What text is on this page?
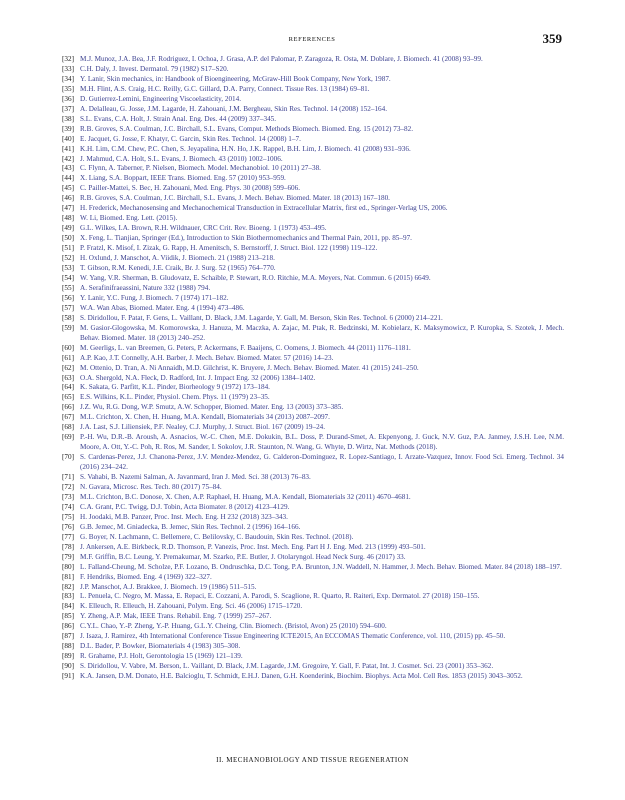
REFERENCES	359
[32] M.J. Munoz, J.A. Bea, J.F. Rodriguez, I. Ochoa, J. Grasa, A.P. del Palomar, P. Zaragoza, R. Osta, M. Doblare, J. Biomech. 41 (2008) 93–99.
[33] C.H. Daly, J. Invest. Dermatol. 79 (1982) S17–S20.
[34] Y. Lanir, Skin mechanics, in: Handbook of Bioengineering, McGraw-Hill Book Company, New York, 1987.
[35] M.H. Flint, A.S. Craig, H.C. Reilly, G.C. Gillard, D.A. Parry, Connect. Tissue Res. 13 (1984) 69–81.
[36] D. Gutierrez-Lemini, Engineering Viscoelasticity, 2014.
[37] A. Delalleau, G. Josse, J.M. Lagarde, H. Zahouani, J.M. Bergheau, Skin Res. Technol. 14 (2008) 152–164.
[38] S.L. Evans, C.A. Holt, J. Strain Anal. Eng. Des. 44 (2009) 337–345.
[39] R.B. Groves, S.A. Coulman, J.C. Birchall, S.L. Evans, Comput. Methods Biomech. Biomed. Eng. 15 (2012) 73–82.
[40] E. Jacquet, G. Josse, F. Khatyr, C. Garcin, Skin Res. Technol. 14 (2008) 1–7.
[41] K.H. Lim, C.M. Chew, P.C. Chen, S. Jeyapalina, H.N. Ho, J.K. Rappel, B.H. Lim, J. Biomech. 41 (2008) 931–936.
[42] J. Mahmud, C.A. Holt, S.L. Evans, J. Biomech. 43 (2010) 1002–1006.
[43] C. Flynn, A. Taberner, P. Nielsen, Biomech. Model. Mechanobiol. 10 (2011) 27–38.
[44] X. Liang, S.A. Boppart, IEEE Trans. Biomed. Eng. 57 (2010) 953–959.
[45] C. Pailler-Mattei, S. Bec, H. Zahouani, Med. Eng. Phys. 30 (2008) 599–606.
[46] R.B. Groves, S.A. Coulman, J.C. Birchall, S.L. Evans, J. Mech. Behav. Biomed. Mater. 18 (2013) 167–180.
[47] H. Frederick, Mechanosensing and Mechanochemical Transduction in Extracellular Matrix, first ed., Springer-Verlag US, 2006.
[48] W. Li, Biomed. Eng. Lett. (2015).
[49] G.L. Wilkes, I.A. Brown, R.H. Wildnauer, CRC Crit. Rev. Bioeng. 1 (1973) 453–495.
[50] X. Feng, L. Tianjian, Springer (Ed.), Introduction to Skin Biothermomechanics and Thermal Pain, 2011, pp. 85–97.
[51] P. Fratzl, K. Misof, I. Zizak, G. Rapp, H. Amenitsch, S. Bernstorff, J. Struct. Biol. 122 (1998) 119–122.
[52] H. Oxlund, J. Manschot, A. Viidik, J. Biomech. 21 (1988) 213–218.
[53] T. Gibson, R.M. Kenedi, J.E. Craik, Br. J. Surg. 52 (1965) 764–770.
[54] W. Yang, V.R. Sherman, B. Gludovatz, E. Schaible, P. Stewart, R.O. Ritchie, M.A. Meyers, Nat. Commun. 6 (2015) 6649.
[55] A. Serafinifraeassini, Nature 332 (1988) 794.
[56] Y. Lanir, Y.C. Fung, J. Biomech. 7 (1974) 171–182.
[57] W.A. Wan Abas, Biomed. Mater. Eng. 4 (1994) 473–486.
[58] S. Diridollou, F. Patat, F. Gens, L. Vaillant, D. Black, J.M. Lagarde, Y. Gall, M. Berson, Skin Res. Technol. 6 (2000) 214–221.
[59] M. Gasior-Glogowska, M. Komorowska, J. Hanuza, M. Maczka, A. Zajac, M. Ptak, R. Bedzinski, M. Kobielarz, K. Maksymowicz, P. Kuropka, S. Szotek, J. Mech. Behav. Biomed. Mater. 18 (2013) 240–252.
[60] M. Geerligs, L. van Breemen, G. Peters, P. Ackermans, F. Baaijens, C. Oomens, J. Biomech. 44 (2011) 1176–1181.
[61] A.P. Kao, J.T. Connelly, A.H. Barber, J. Mech. Behav. Biomed. Mater. 57 (2016) 14–23.
[62] M. Ottenio, D. Tran, A. Ni Annaidh, M.D. Gilchrist, K. Bruyere, J. Mech. Behav. Biomed. Mater. 41 (2015) 241–250.
[63] O.A. Shergold, N.A. Fleck, D. Radford, Int. J. Impact Eng. 32 (2006) 1384–1402.
[64] K. Sakata, G. Parfitt, K.L. Pinder, Biorheology 9 (1972) 173–184.
[65] E.S. Wilkins, K.L. Pinder, Physiol. Chem. Phys. 11 (1979) 23–35.
[66] J.Z. Wu, R.G. Dong, W.P. Smutz, A.W. Schopper, Biomed. Mater. Eng. 13 (2003) 373–385.
[67] M.L. Crichton, X. Chen, H. Huang, M.A. Kendall, Biomaterials 34 (2013) 2087–2097.
[68] J.A. Last, S.J. Liliensiek, P.F. Nealey, C.J. Murphy, J. Struct. Biol. 167 (2009) 19–24.
[69] P.-H. Wu, D.R.-B. Aroush, A. Asnacios, W.-C. Chen, M.E. Dokukin, B.L. Doss, P. Durand-Smet, A. Ekpenyong, J. Guck, N.V. Guz, P.A. Janmey, J.S.H. Lee, N.M. Moore, A. Ott, Y.-C. Poh, R. Ros, M. Sander, I. Sokolov, J.R. Staunton, N. Wang, G. Whyte, D. Wirtz, Nat. Methods (2018).
[70] S. Cardenas-Perez, J.J. Chanona-Perez, J.V. Mendez-Mendez, G. Calderon-Dominguez, R. Lopez-Santiago, I. Arzate-Vazquez, Innov. Food Sci. Emerg. Technol. 34 (2016) 234–242.
[71] S. Vahabi, B. Nazemi Salman, A. Javanmard, Iran J. Med. Sci. 38 (2013) 76–83.
[72] N. Gavara, Microsc. Res. Tech. 80 (2017) 75–84.
[73] M.L. Crichton, B.C. Donose, X. Chen, A.P. Raphael, H. Huang, M.A. Kendall, Biomaterials 32 (2011) 4670–4681.
[74] C.A. Grant, P.C. Twigg, D.J. Tobin, Acta Biomater. 8 (2012) 4123–4129.
[75] H. Joodaki, M.B. Panzer, Proc. Inst. Mech. Eng. H 232 (2018) 323–343.
[76] G.B. Jemec, M. Gniadecka, B. Jemec, Skin Res. Technol. 2 (1996) 164–166.
[77] G. Boyer, N. Lachmann, C. Bellemere, C. Belilovsky, C. Baudouin, Skin Res. Technol. (2018).
[78] J. Ankersen, A.E. Birkbeck, R.D. Thomson, P. Vanezis, Proc. Inst. Mech. Eng. Part H J. Eng. Med. 213 (1999) 493–501.
[79] M.F. Griffin, B.C. Leung, Y. Premakumar, M. Szarko, P.E. Butler, J. Otolaryngol. Head Neck Surg. 46 (2017) 33.
[80] L. Falland-Cheung, M. Scholze, P.F. Lozano, B. Ondruschka, D.C. Tong, P.A. Brunton, J.N. Waddell, N. Hammer, J. Mech. Behav. Biomed. Mater. 84 (2018) 188–197.
[81] F. Hendriks, Biomed. Eng. 4 (1969) 322–327.
[82] J.P. Manschot, A.J. Brakkee, J. Biomech. 19 (1986) 511–515.
[83] L. Penuela, C. Negro, M. Massa, E. Repaci, E. Cozzani, A. Parodi, S. Scaglione, R. Quarto, R. Raiteri, Exp. Dermatol. 27 (2018) 150–155.
[84] K. Elleuch, R. Elleuch, H. Zahouani, Polym. Eng. Sci. 46 (2006) 1715–1720.
[85] Y. Zheng, A.P. Mak, IEEE Trans. Rehabil. Eng. 7 (1999) 257–267.
[86] C.Y.L. Chao, Y.-P. Zheng, Y.-P. Huang, G.L.Y. Cheing, Clin. Biomech. (Bristol, Avon) 25 (2010) 594–600.
[87] J. Isaza, J. Ramirez, 4th International Conference Tissue Engineering ICTE2015, An ECCOMAS Thematic Conference, vol. 110, (2015) pp. 45–50.
[88] D.L. Bader, P. Bowker, Biomaterials 4 (1983) 305–308.
[89] R. Grahame, P.J. Holt, Gerontologia 15 (1969) 121–139.
[90] S. Diridollou, V. Vabre, M. Berson, L. Vaillant, D. Black, J.M. Lagarde, J.M. Gregoire, Y. Gall, F. Patat, Int. J. Cosmet. Sci. 23 (2001) 353–362.
[91] K.A. Jansen, D.M. Donato, H.E. Balcioglu, T. Schmidt, E.H.J. Danen, G.H. Koenderink, Biochim. Biophys. Acta Mol. Cell Res. 1853 (2015) 3043–3052.
II. MECHANOBIOLOGY AND TISSUE REGENERATION
